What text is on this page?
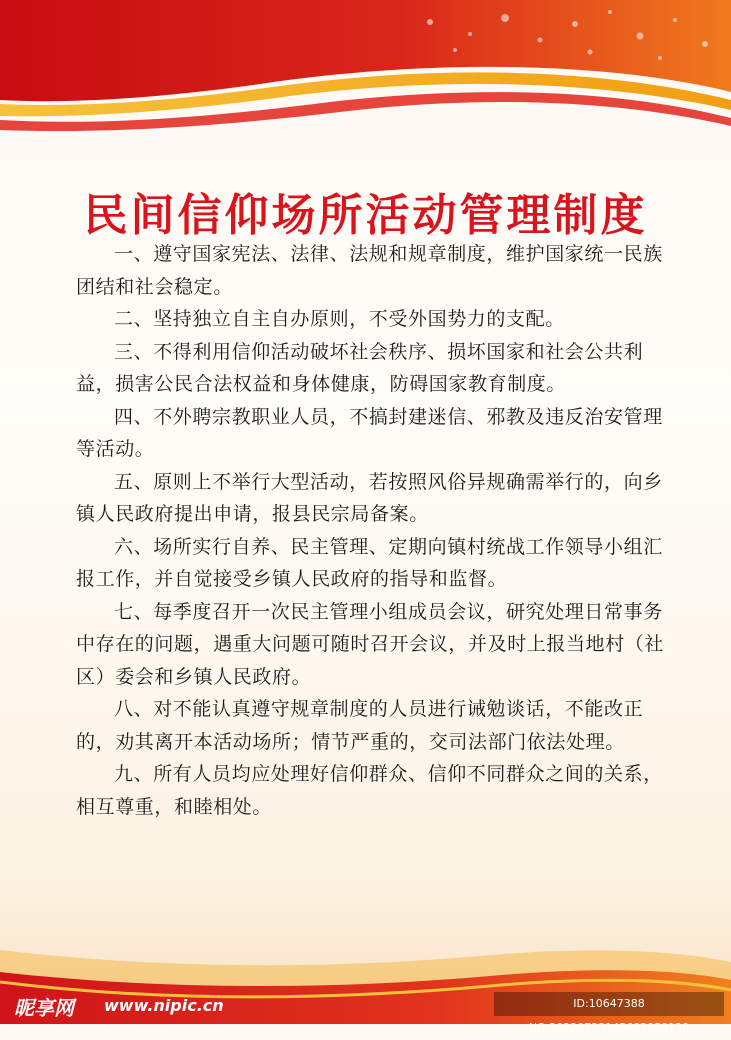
民间信仰场所活动管理制度

一、遵守国家宪法、法律、法规和规章制度，维护国家统一民族团结和社会稳定。

二、坚持独立自主自办原则，不受外国势力的支配。

三、不得利用信仰活动破坏社会秩序、损坏国家和社会公共利益，损害公民合法权益和身体健康，防碍国家教育制度。

四、不外聘宗教职业人员，不搞封建迷信、邪教及违反治安管理等活动。

五、原则上不举行大型活动，若按照风俗异规确需举行的，向乡镇人民政府提出申请，报县民宗局备案。

六、场所实行自养、民主管理、定期向镇村统战工作领导小组汇报工作，并自觉接受乡镇人民政府的指导和监督。

七、每季度召开一次民主管理小组成员会议，研究处理日常事务中存在的问题，遇重大问题可随时召开会议，并及时上报当地村（社区）委会和乡镇人民政府。

八、对不能认真遵守规章制度的人员进行诫勉谈话，不能改正的，劝其离开本活动场所；情节严重的，交司法部门依法处理。

九、所有人员均应处理好信仰群众、信仰不同群众之间的关系，相互尊重，和睦相处。

昵享网 www.nipic.cn	ID:10647388 NO:20220723145602959120
